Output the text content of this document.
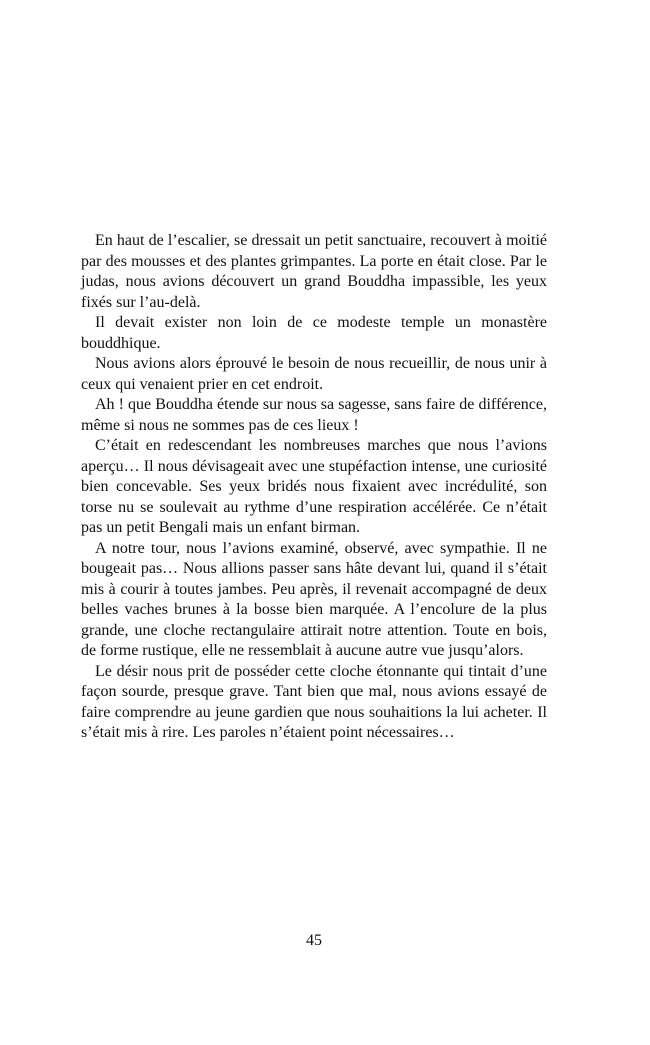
En haut de l’escalier, se dressait un petit sanctuaire, recouvert à moitié par des mousses et des plantes grimpantes. La porte en était close. Par le judas, nous avions découvert un grand Bouddha impassible, les yeux fixés sur l’au-delà.

Il devait exister non loin de ce modeste temple un monastère bouddhique.

Nous avions alors éprouvé le besoin de nous recueillir, de nous unir à ceux qui venaient prier en cet endroit.

Ah ! que Bouddha étende sur nous sa sagesse, sans faire de différence, même si nous ne sommes pas de ces lieux !

C’était en redescendant les nombreuses marches que nous l’avions aperçu… Il nous dévisageait avec une stupéfaction intense, une curiosité bien concevable. Ses yeux bridés nous fixaient avec incrédulité, son torse nu se soulevait au rythme d’une respiration accélérée. Ce n’était pas un petit Bengali mais un enfant birman.

A notre tour, nous l’avions examiné, observé, avec sympathie. Il ne bougeait pas… Nous allions passer sans hâte devant lui, quand il s’était mis à courir à toutes jambes. Peu après, il revenait accompagné de deux belles vaches brunes à la bosse bien marquée. A l’encolure de la plus grande, une cloche rectangulaire attirait notre attention. Toute en bois, de forme rustique, elle ne ressemblait à aucune autre vue jusqu’alors.

Le désir nous prit de posséder cette cloche étonnante qui tintait d’une façon sourde, presque grave. Tant bien que mal, nous avions essayé de faire comprendre au jeune gardien que nous souhaitions la lui acheter. Il s’était mis à rire. Les paroles n’étaient point nécessaires…

45
